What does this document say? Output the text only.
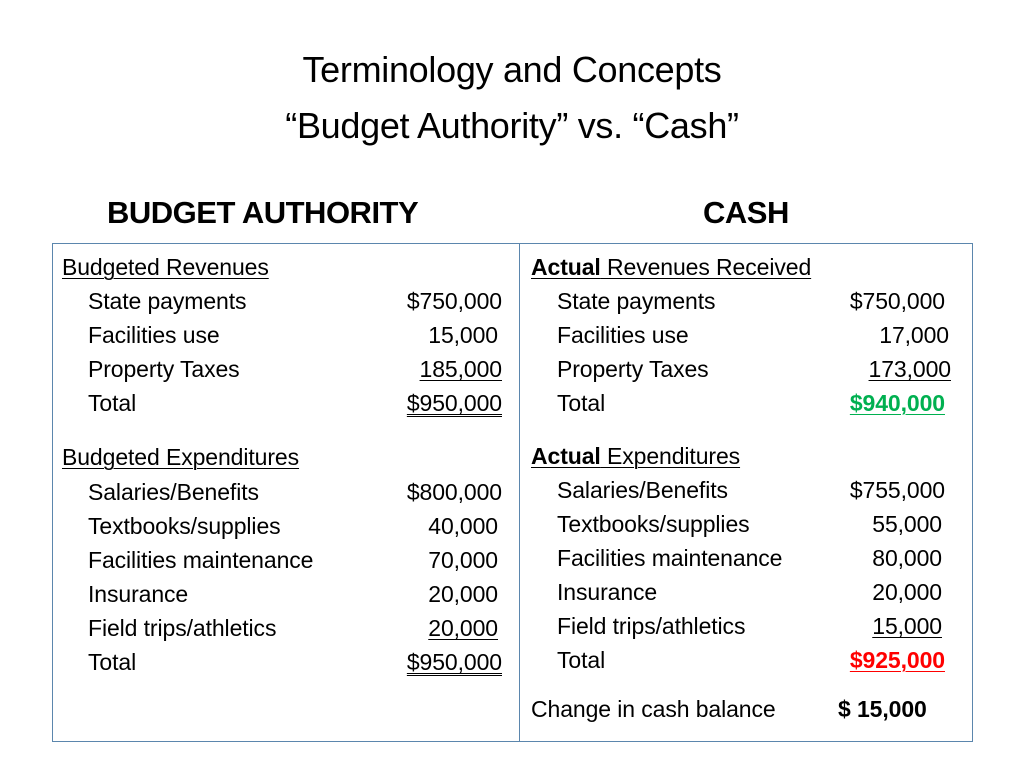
Terminology and Concepts
“Budget Authority” vs. “Cash”
BUDGET AUTHORITY	CASH
Budgeted Revenues
State payments	$750,000
Facilities use	15,000
Property Taxes	185,000
Total	$950,000
Budgeted Expenditures
Salaries/Benefits	$800,000
Textbooks/supplies	40,000
Facilities maintenance	70,000
Insurance	20,000
Field trips/athletics	20,000
Total	$950,000
Actual Revenues Received
State payments	$750,000
Facilities use	17,000
Property Taxes	173,000
Total	$940,000
Actual Expenditures
Salaries/Benefits	$755,000
Textbooks/supplies	55,000
Facilities maintenance	80,000
Insurance	20,000
Field trips/athletics	15,000
Total	$925,000
Change in cash balance	$ 15,000
